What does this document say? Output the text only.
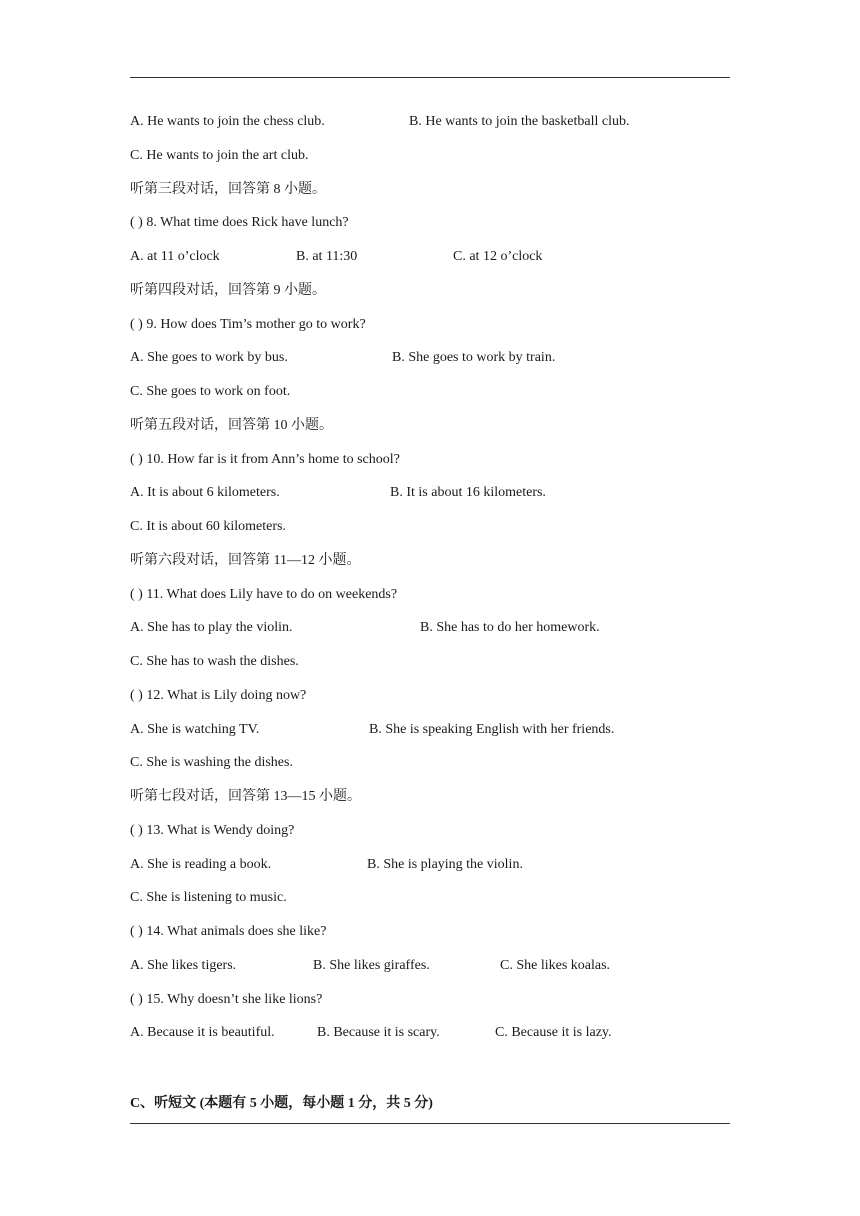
A. He wants to join the chess club.	B. He wants to join the basketball club.
C. He wants to join the art club.
听第三段对话，回答第 8 小题。
( ) 8. What time does Rick have lunch?
A. at 11 o’clock	B. at 11:30	C. at 12 o’clock
听第四段对话，回答第 9 小题。
( ) 9. How does Tim’s mother go to work?
A. She goes to work by bus.	B. She goes to work by train.
C. She goes to work on foot.
听第五段对话，回答第 10 小题。
( ) 10. How far is it from Ann’s home to school?
A. It is about 6 kilometers.	B. It is about 16 kilometers.
C. It is about 60 kilometers.
听第六段对话，回答第 11—12 小题。
( ) 11. What does Lily have to do on weekends?
A. She has to play the violin.	B. She has to do her homework.
C. She has to wash the dishes.
( ) 12. What is Lily doing now?
A. She is watching TV.	B. She is speaking English with her friends.
C. She is washing the dishes.
听第七段对话，回答第 13—15 小题。
( ) 13. What is Wendy doing?
A. She is reading a book.	B. She is playing the violin.
C. She is listening to music.
( ) 14. What animals does she like?
A. She likes tigers.	B. She likes giraffes.	C. She likes koalas.
( ) 15. Why doesn’t she like lions?
A. Because it is beautiful.	B. Because it is scary.	C. Because it is lazy.
C、听短文 (本题有 5 小题，每小题 1 分，共 5 分)
